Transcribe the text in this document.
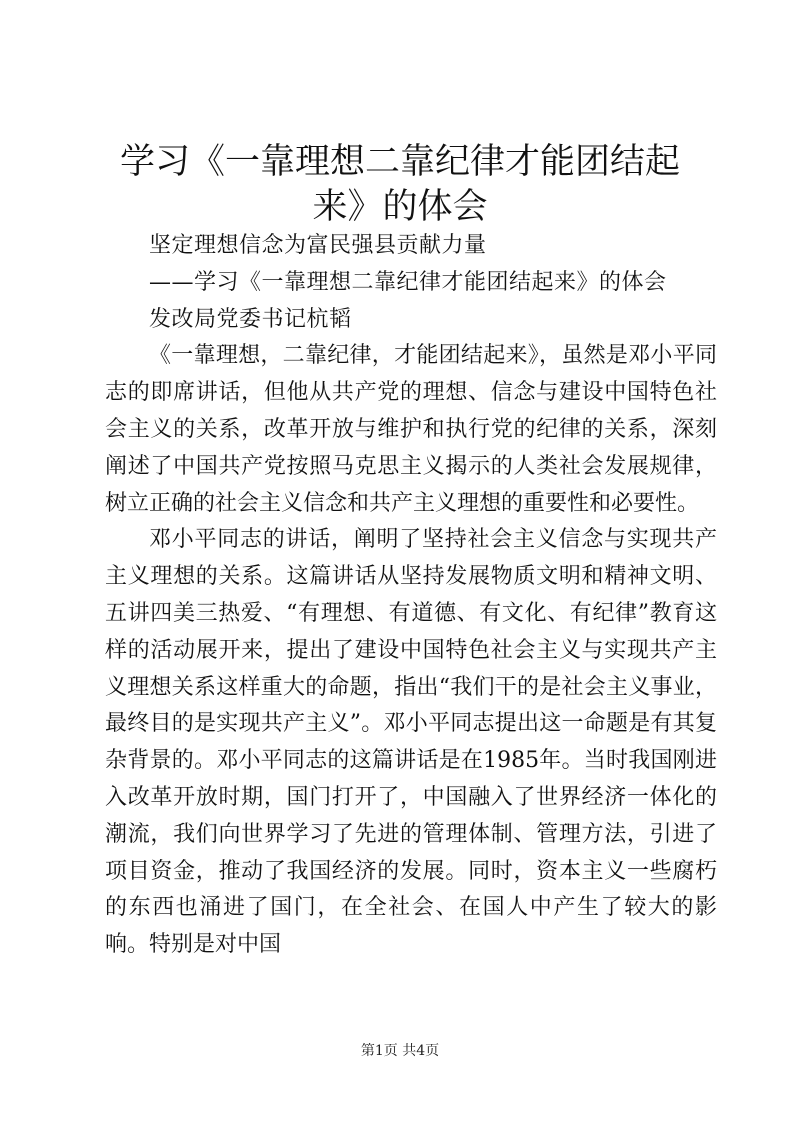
学习《一靠理想二靠纪律才能团结起来》的体会
坚定理想信念为富民强县贡献力量
——学习《一靠理想二靠纪律才能团结起来》的体会
发改局党委书记杭韬

《一靠理想，二靠纪律，才能团结起来》，虽然是邓小平同志的即席讲话，但他从共产党的理想、信念与建设中国特色社会主义的关系，改革开放与维护和执行党的纪律的关系，深刻阐述了中国共产党按照马克思主义揭示的人类社会发展规律，树立正确的社会主义信念和共产主义理想的重要性和必要性。

邓小平同志的讲话，阐明了坚持社会主义信念与实现共产主义理想的关系。这篇讲话从坚持发展物质文明和精神文明、五讲四美三热爱、“有理想、有道德、有文化、有纪律”教育这样的活动展开来，提出了建设中国特色社会主义与实现共产主义理想关系这样重大的命题，指出“我们干的是社会主义事业，最终目的是实现共产主义”。邓小平同志提出这一命题是有其复杂背景的。邓小平同志的这篇讲话是在1985年。当时我国刚进入改革开放时期，国门打开了，中国融入了世界经济一体化的潮流，我们向世界学习了先进的管理体制、管理方法，引进了项目资金，推动了我国经济的发展。同时，资本主义一些腐朽的东西也涌进了国门，在全社会、在国人中产生了较大的影响。特别是对中国

第1页 共4页
